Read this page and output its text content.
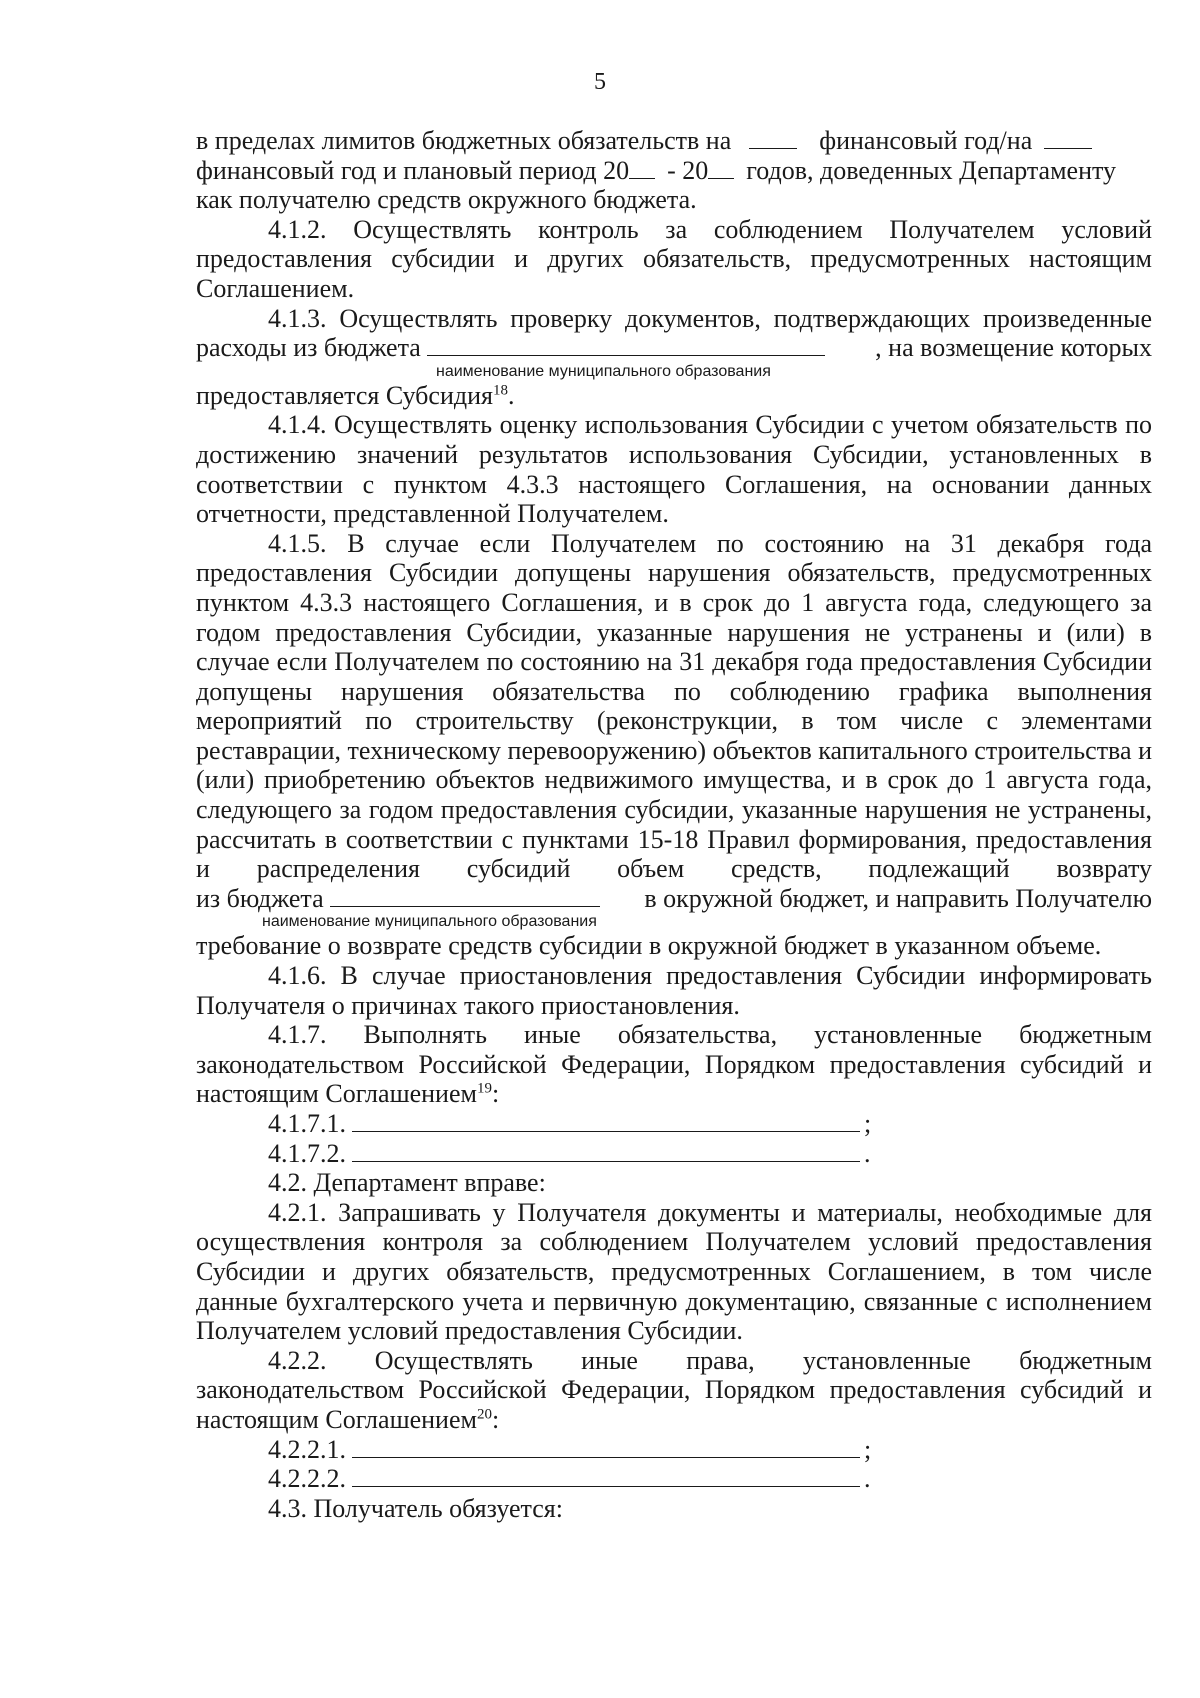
5
в пределах лимитов бюджетных обязательств на	финансовый год/на
финансовый год и плановый период 20 - 20 годов, доведенных Департаменту

как получателю средств окружного бюджета.

4.1.2. Осуществлять контроль за соблюдением Получателем условий предоставления субсидии и других обязательств, предусмотренных настоящим Соглашением.

4.1.3. Осуществлять проверку документов, подтверждающих произведенные

расходы из бюджета	, на возмещение которых
наименование муниципального образования

предоставляется Субсидия$^{18}$.

4.1.4. Осуществлять оценку использования Субсидии с учетом обязательств по достижению значений результатов использования Субсидии, установленных в соответствии с пунктом 4.3.3 настоящего Соглашения, на основании данных отчетности, представленной Получателем.

4.1.5. В случае если Получателем по состоянию на 31 декабря года предоставления Субсидии допущены нарушения обязательств, предусмотренных пунктом 4.3.3 настоящего Соглашения, и в срок до 1 августа года, следующего за годом предоставления Субсидии, указанные нарушения не устранены и (или) в случае если Получателем по состоянию на 31 декабря года предоставления Субсидии допущены нарушения обязательства по соблюдению графика выполнения мероприятий по строительству (реконструкции, в том числе с элементами реставрации, техническому перевооружению) объектов капитального строительства и (или) приобретению объектов недвижимого имущества, и в срок до 1 августа года, следующего за годом предоставления субсидии, указанные нарушения не устранены, рассчитать в соответствии с пунктами 15-18 Правил формирования, предоставления и распределения субсидий объем средств, подлежащий возврату

из бюджета	в окружной бюджет, и направить Получателю
наименование муниципального образования

требование о возврате средств субсидии в окружной бюджет в указанном объеме.

4.1.6. В случае приостановления предоставления Субсидии информировать Получателя о причинах такого приостановления.

4.1.7. Выполнять иные обязательства, установленные бюджетным законодательством Российской Федерации, Порядком предоставления субсидий и настоящим Соглашением$^{19}$:

4.1.7.1.	;
4.1.7.2.	.

4.2. Департамент вправе:

4.2.1. Запрашивать у Получателя документы и материалы, необходимые для осуществления контроля за соблюдением Получателем условий предоставления Субсидии и других обязательств, предусмотренных Соглашением, в том числе данные бухгалтерского учета и первичную документацию, связанные с исполнением Получателем условий предоставления Субсидии.

4.2.2. Осуществлять иные права, установленные бюджетным законодательством Российской Федерации, Порядком предоставления субсидий и настоящим Соглашением$^{20}$:

4.2.2.1.	;
4.2.2.2.	.

4.3. Получатель обязуется:
